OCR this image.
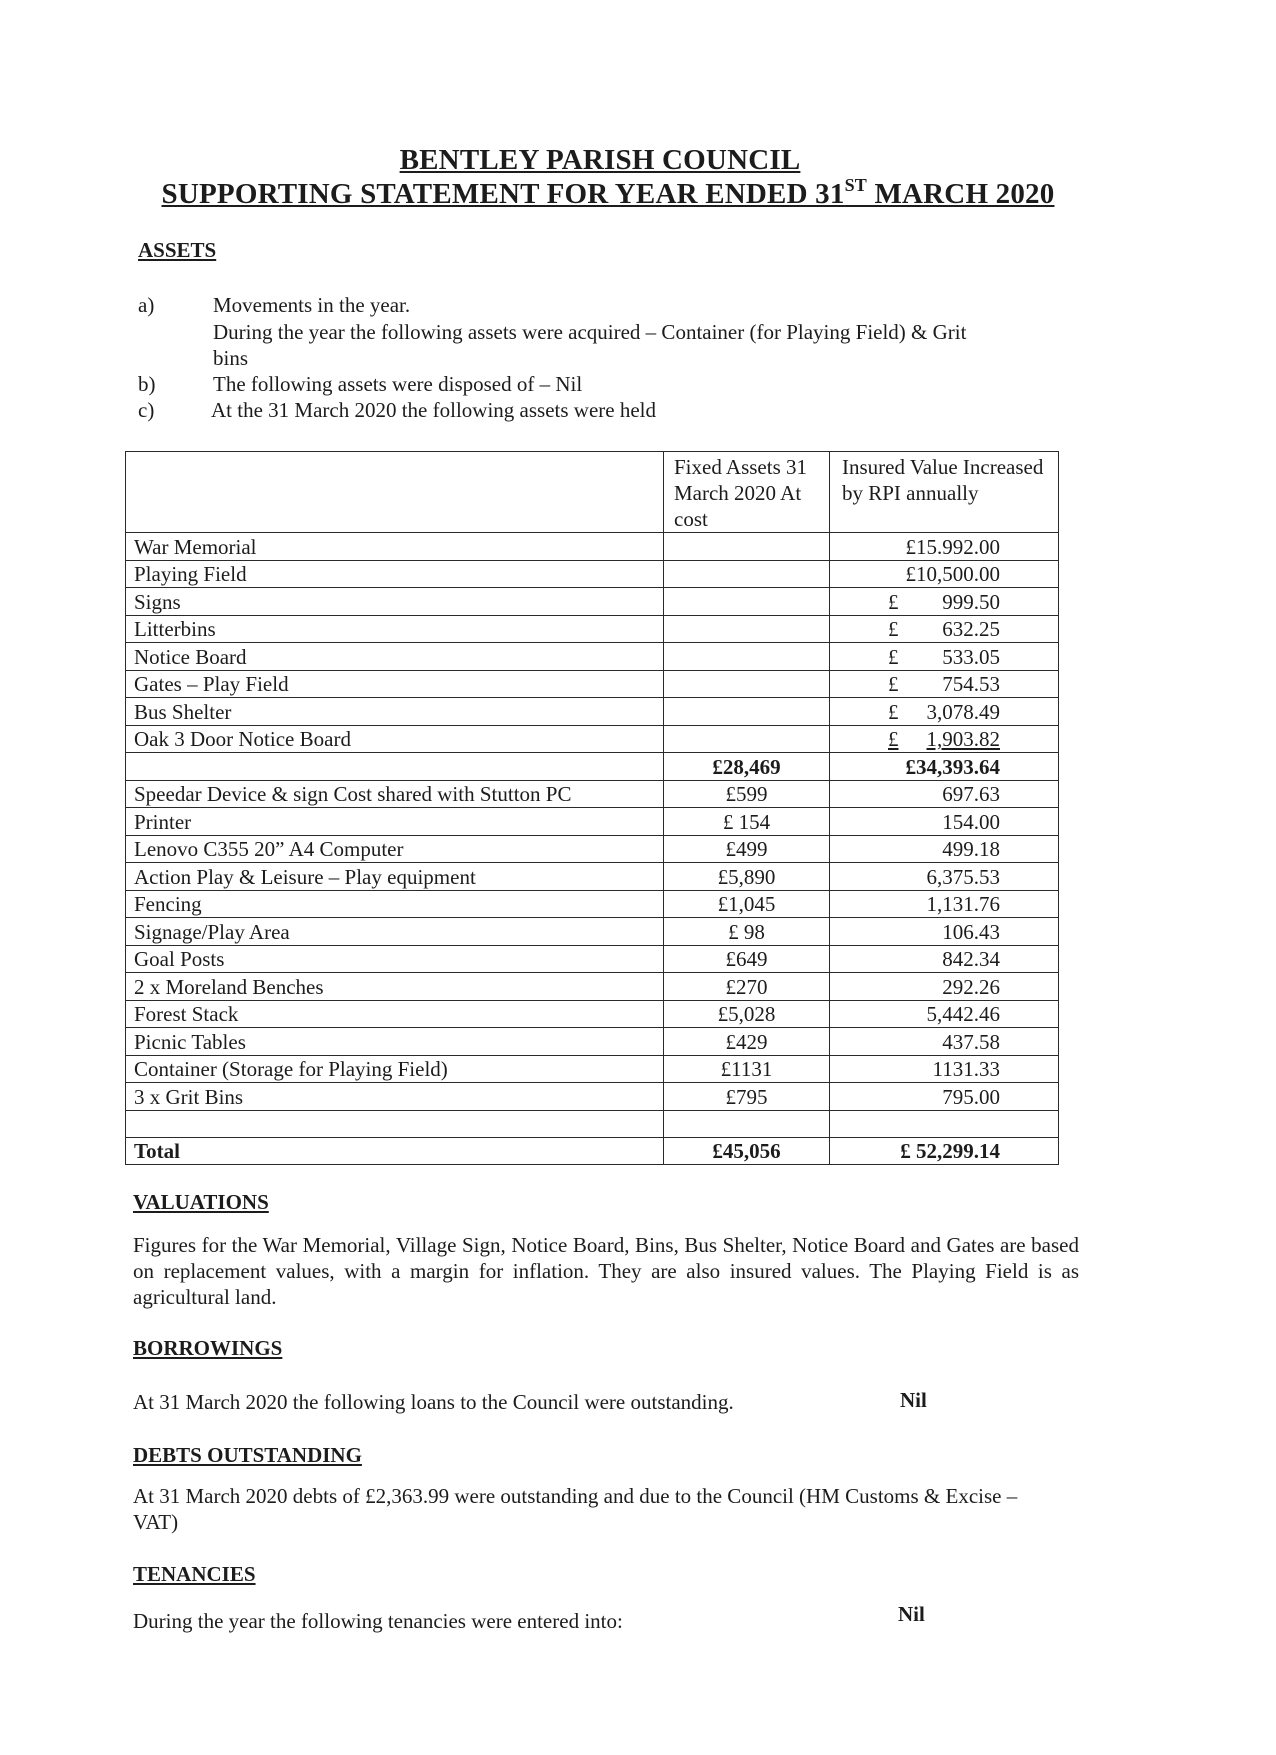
BENTLEY PARISH COUNCIL
SUPPORTING STATEMENT FOR YEAR ENDED 31ST MARCH 2020
ASSETS
a)	Movements in the year.
During the year the following assets were acquired – Container (for Playing Field) & Grit
bins
b)	The following assets were disposed of – Nil
c)	At the 31 March 2020 the following assets were held
	Fixed Assets 31 March 2020 At cost	Insured Value Increased by RPI annually
War Memorial		£15.992.00
Playing Field		£10,500.00
Signs		£ 999.50

Litterbins		£ 632.25

Notice Board		£ 533.05

Gates – Play Field		£ 754.53

Bus Shelter		£ 3,078.49

Oak 3 Door Notice Board		£ 1,903.82

	£28,469	£34,393.64
Speedar Device & sign Cost shared with Stutton PC	£599	697.63
Printer	£ 154	154.00
Lenovo C355 20” A4 Computer	£499	499.18
Action Play & Leisure – Play equipment	£5,890	6,375.53
Fencing	£1,045	1,131.76
Signage/Play Area	£ 98	106.43
Goal Posts	£649	842.34
2 x Moreland Benches	£270	292.26
Forest Stack	£5,028	5,442.46
Picnic Tables	£429	437.58
Container (Storage for Playing Field)	£1131	1131.33
3 x Grit Bins	£795	795.00

Total	£45,056	£ 52,299.14
VALUATIONS
Figures for the War Memorial, Village Sign, Notice Board, Bins, Bus Shelter, Notice Board and Gates are based on replacement values, with a margin for inflation. They are also insured values. The Playing Field is as agricultural land.
BORROWINGS
At 31 March 2020 the following loans to the Council were outstanding.	Nil
DEBTS OUTSTANDING
At 31 March 2020 debts of £2,363.99 were outstanding and due to the Council (HM Customs & Excise – VAT)
TENANCIES
During the year the following tenancies were entered into:	Nil
